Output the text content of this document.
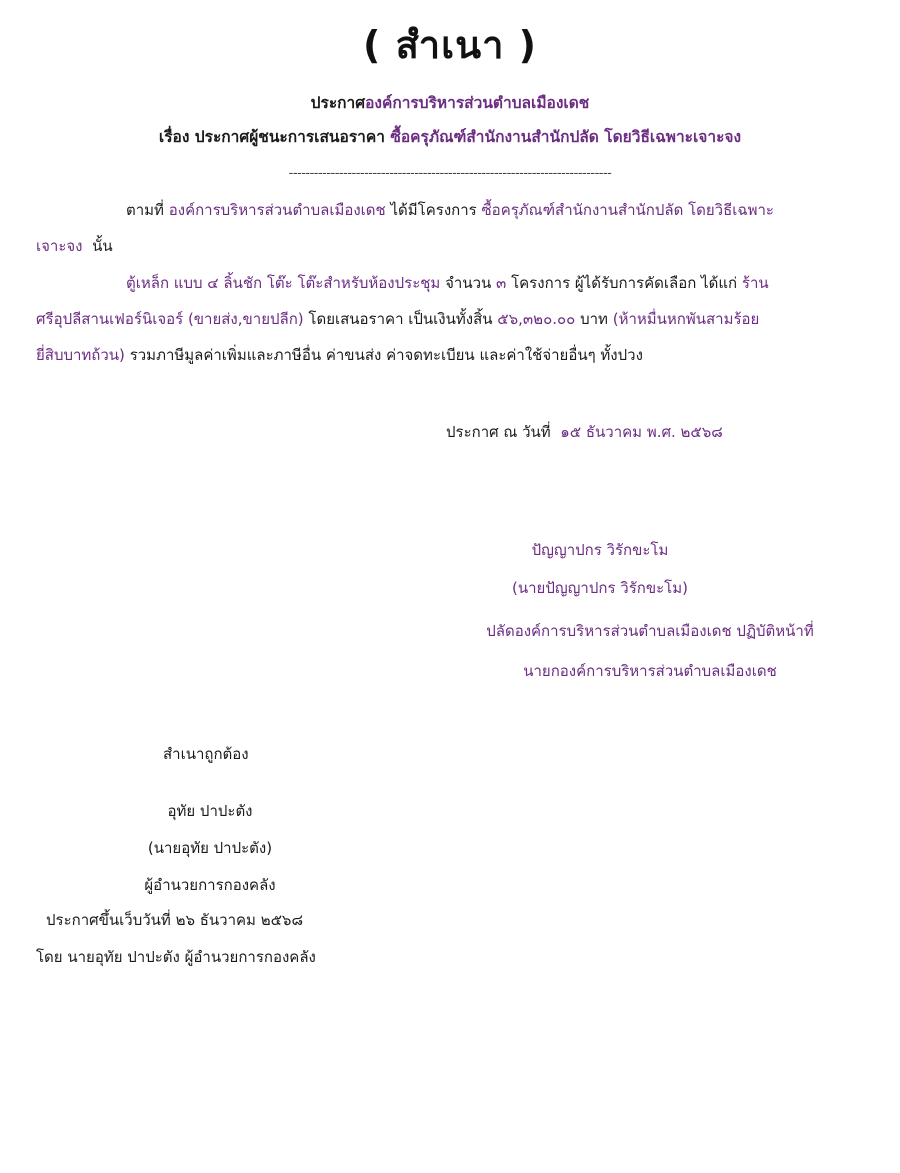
( สำเนา )
ประกาศองค์การบริหารส่วนตำบลเมืองเดช
เรื่อง ประกาศผู้ชนะการเสนอราคา ซื้อครุภัณฑ์สำนักงานสำนักปลัด โดยวิธีเฉพาะเจาะจง
-----------------------------------------------------------------------------
ตามที่ องค์การบริหารส่วนตำบลเมืองเดช ได้มีโครงการ ซื้อครุภัณฑ์สำนักงานสำนักปลัด โดยวิธีเฉพาะ
เจาะจง นั้น
ตู้เหล็ก แบบ ๔ ลิ้นชัก โต๊ะ โต๊ะสำหรับห้องประชุม จำนวน ๓ โครงการ ผู้ได้รับการคัดเลือก ได้แก่ ร้าน
ศรีอุปลีสานเฟอร์นิเจอร์ (ขายส่ง,ขายปลีก) โดยเสนอราคา เป็นเงินทั้งสิ้น ๕๖,๓๒๐.๐๐ บาท (ห้าหมื่นหกพันสามร้อย
ยี่สิบบาทถ้วน) รวมภาษีมูลค่าเพิ่มและภาษีอื่น ค่าขนส่ง ค่าจดทะเบียน และค่าใช้จ่ายอื่นๆ ทั้งปวง
ประกาศ ณ วันที่ ๑๕ ธันวาคม พ.ศ. ๒๕๖๘
ปัญญาปกร วิรักขะโม
(นายปัญญาปกร วิรักขะโม)
ปลัดองค์การบริหารส่วนตำบลเมืองเดช ปฏิบัติหน้าที่
นายกองค์การบริหารส่วนตำบลเมืองเดช
สำเนาถูกต้อง
อุทัย ปาปะตัง
(นายอุทัย ปาปะตัง)
ผู้อำนวยการกองคลัง
ประกาศขึ้นเว็บวันที่ ๒๖ ธันวาคม ๒๕๖๘
โดย นายอุทัย ปาปะตัง ผู้อำนวยการกองคลัง
